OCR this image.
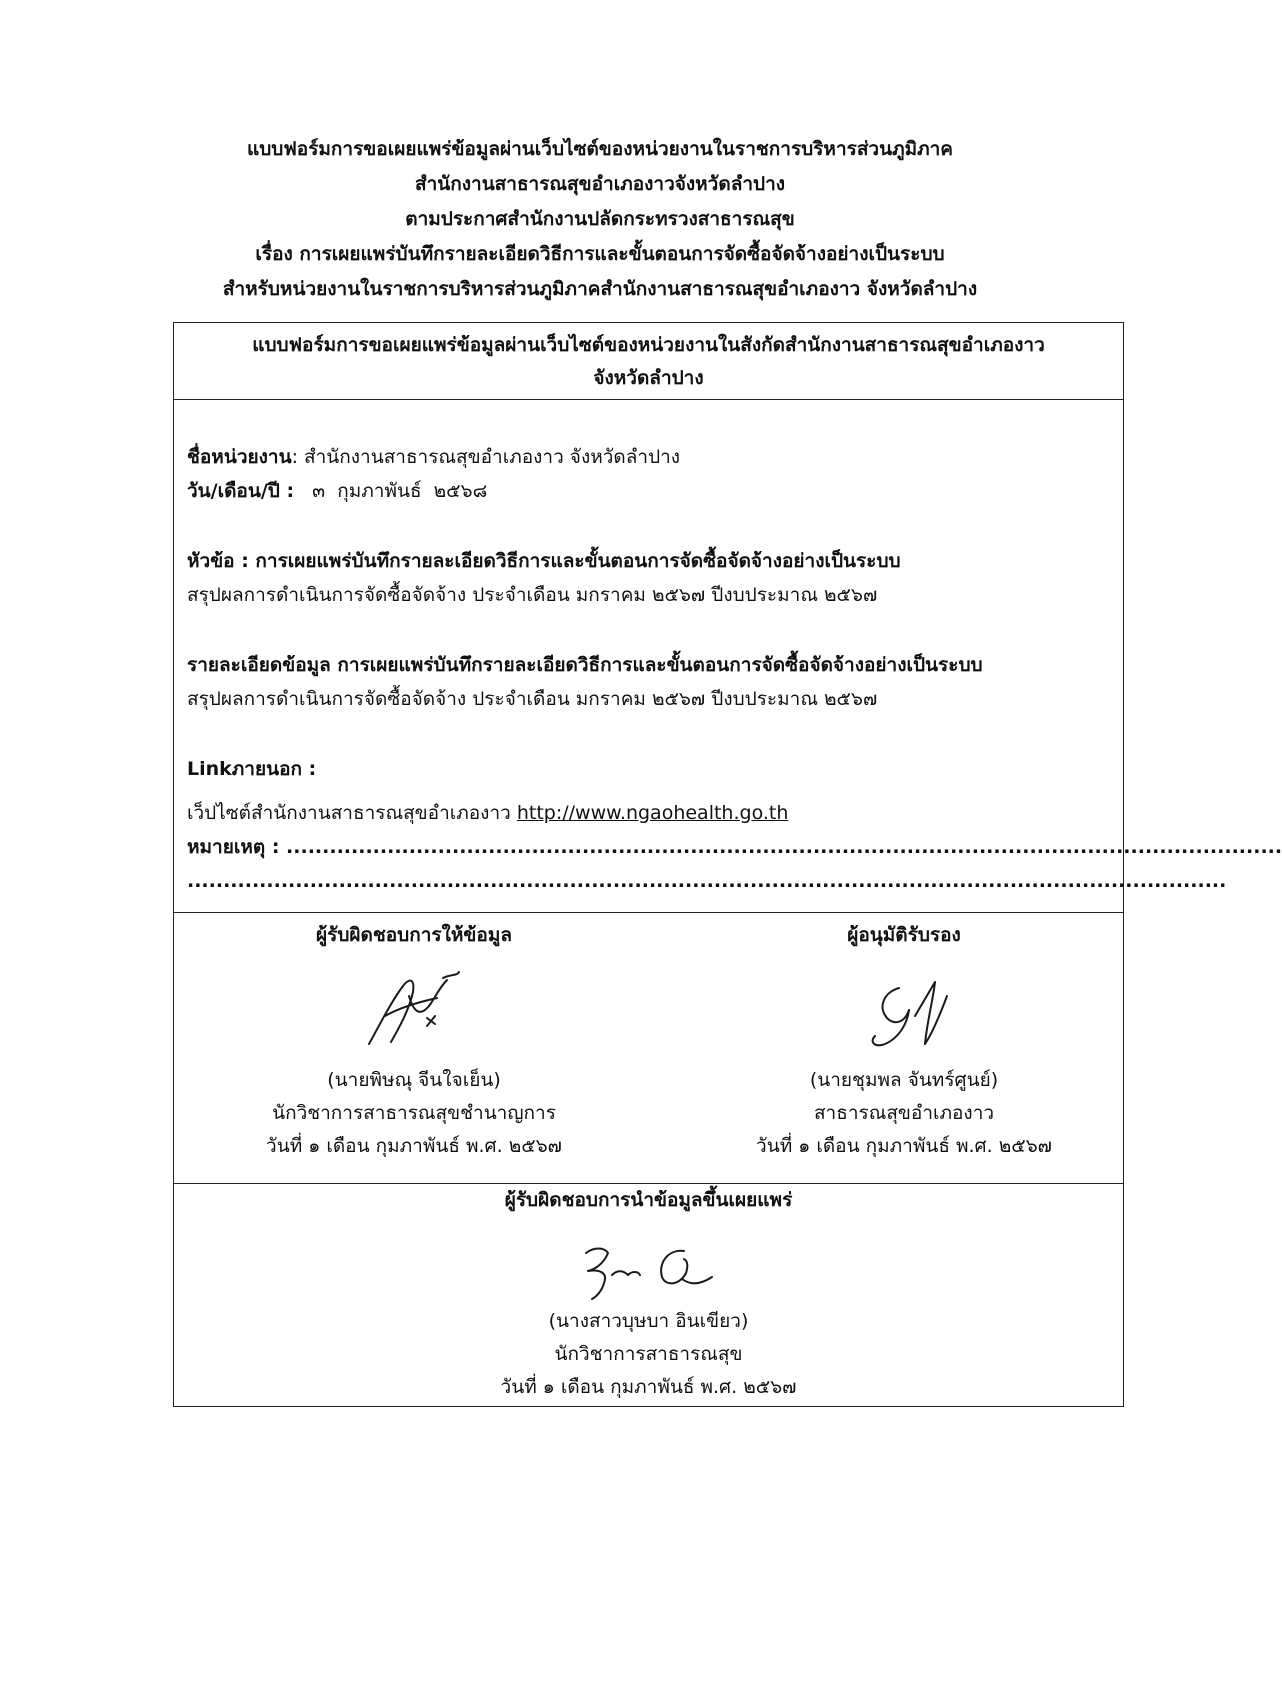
แบบฟอร์มการขอเผยแพร่ข้อมูลผ่านเว็บไซต์ของหน่วยงานในราชการบริหารส่วนภูมิภาค
สำนักงานสาธารณสุขอำเภองาวจังหวัดลำปาง
ตามประกาศสำนักงานปลัดกระทรวงสาธารณสุข
เรื่อง การเผยแพร่บันทึกรายละเอียดวิธีการและขั้นตอนการจัดซื้อจัดจ้างอย่างเป็นระบบ
สำหรับหน่วยงานในราชการบริหารส่วนภูมิภาคสำนักงานสาธารณสุขอำเภองาว จังหวัดลำปาง
แบบฟอร์มการขอเผยแพร่ข้อมูลผ่านเว็บไซต์ของหน่วยงานในสังกัดสำนักงานสาธารณสุขอำเภองาว
จังหวัดลำปาง
ชื่อหน่วยงาน: สำนักงานสาธารณสุขอำเภองาว จังหวัดลำปาง
วัน/เดือน/ปี :   ๓  กุมภาพันธ์  ๒๕๖๘
หัวข้อ : การเผยแพร่บันทึกรายละเอียดวิธีการและขั้นตอนการจัดซื้อจัดจ้างอย่างเป็นระบบ
สรุปผลการดำเนินการจัดซื้อจัดจ้าง ประจำเดือน มกราคม ๒๕๖๗ ปีงบประมาณ ๒๕๖๗
รายละเอียดข้อมูล การเผยแพร่บันทึกรายละเอียดวิธีการและขั้นตอนการจัดซื้อจัดจ้างอย่างเป็นระบบ
สรุปผลการดำเนินการจัดซื้อจัดจ้าง ประจำเดือน มกราคม ๒๕๖๗ ปีงบประมาณ ๒๕๖๗
Linkภายนอก :
เว็ปไซต์สำนักงานสาธารณสุขอำเภองาว http://www.ngaohealth.go.th
หมายเหตุ : ..........................................................................................................................................
................................................................................................................................................
ผู้รับผิดชอบการให้ข้อมูล
(นายพิษณุ จีนใจเย็น)
นักวิชาการสาธารณสุขชำนาญการ
วันที่ ๑ เดือน กุมภาพันธ์ พ.ศ. ๒๕๖๗
ผู้อนุมัติรับรอง
(นายชุมพล จันทร์ศูนย์)
สาธารณสุขอำเภองาว
วันที่ ๑ เดือน กุมภาพันธ์ พ.ศ. ๒๕๖๗
ผู้รับผิดชอบการนำข้อมูลขึ้นเผยแพร่
(นางสาวบุษบา อินเขียว)
นักวิชาการสาธารณสุข
วันที่ ๑ เดือน กุมภาพันธ์ พ.ศ. ๒๕๖๗
